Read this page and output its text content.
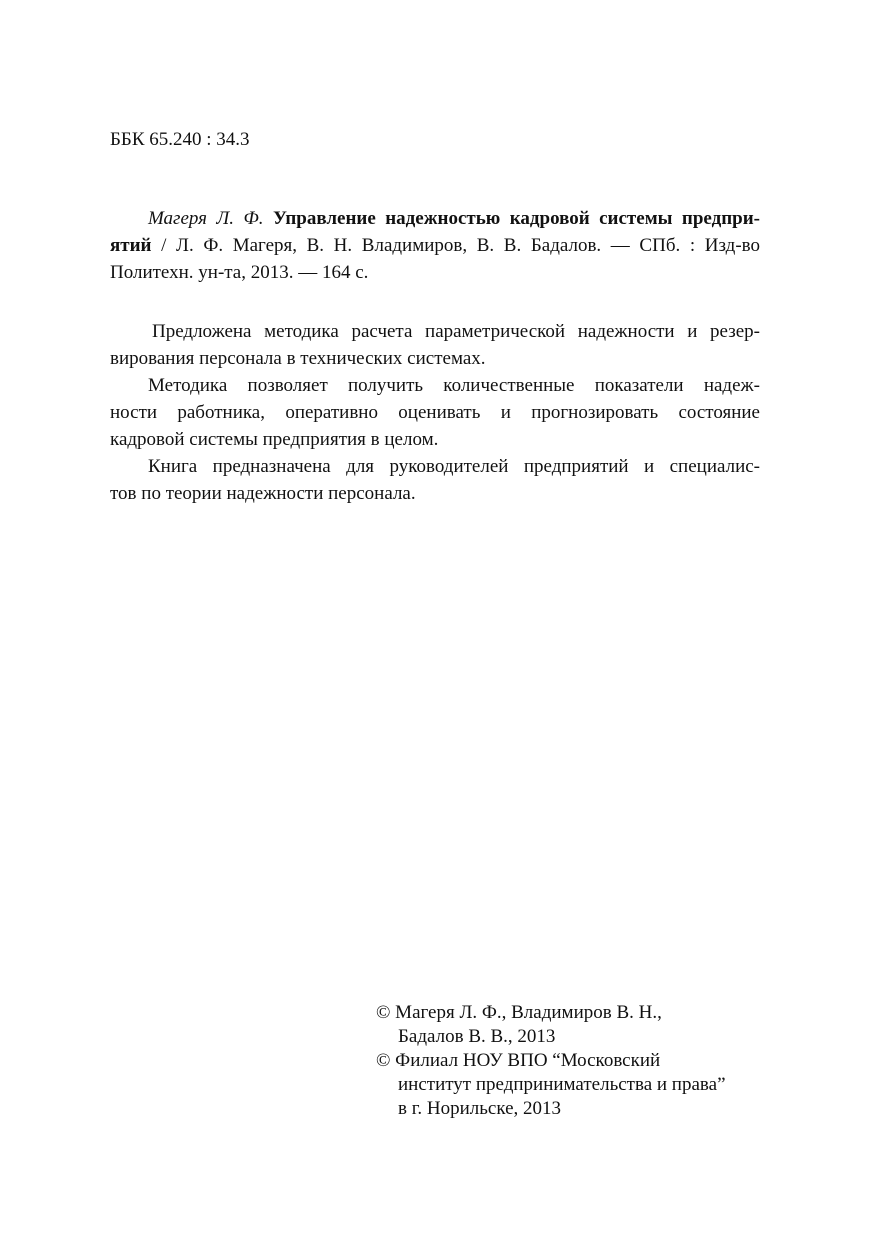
ББК 65.240 : 34.3
Магеря Л. Ф. Управление надежностью кадровой системы предпри-
ятий / Л. Ф. Магеря, В. Н. Владимиров, В. В. Бадалов. — СПб. : Изд-во
Политехн. ун-та, 2013. — 164 с.
Предложена методика расчета параметрической надежности и резер-
вирования персонала в технических системах.
Методика позволяет получить количественные показатели надеж-
ности работника, оперативно оценивать и прогнозировать состояние
кадровой системы предприятия в целом.
Книга предназначена для руководителей предприятий и специалис-
тов по теории надежности персонала.
© Магеря Л. Ф., Владимиров В. Н.,
Бадалов В. В., 2013
© Филиал НОУ ВПО “Московский
институт предпринимательства и права”
в г. Норильске, 2013
